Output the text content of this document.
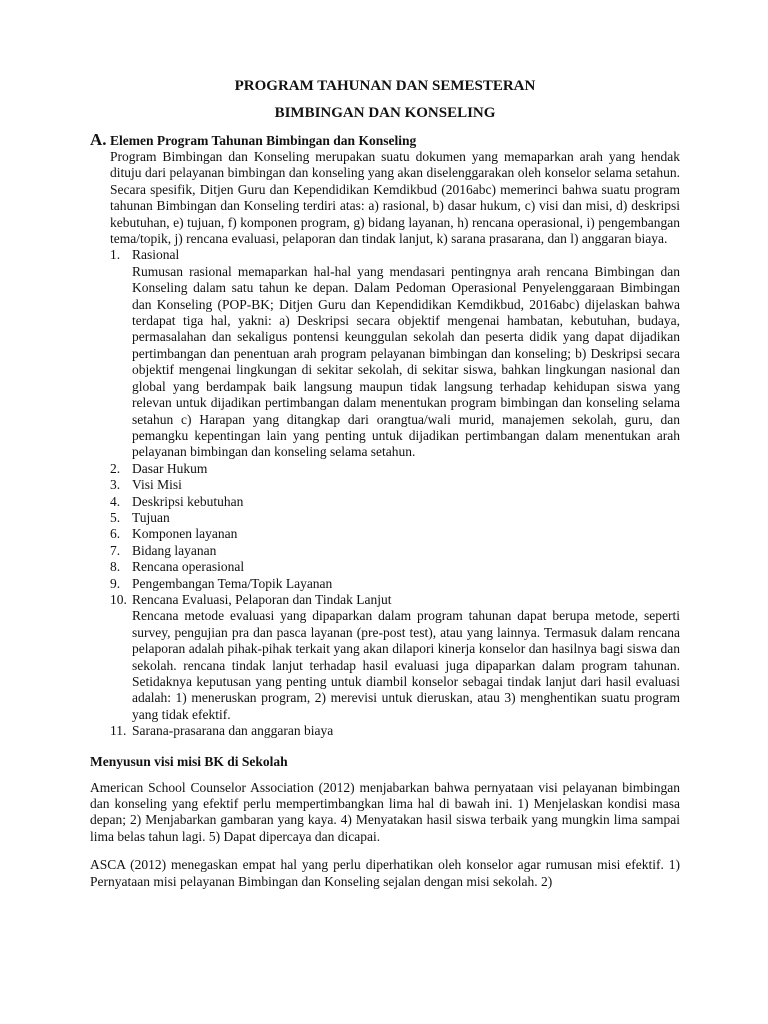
PROGRAM TAHUNAN DAN SEMESTERAN

BIMBINGAN DAN KONSELING

A. Elemen Program Tahunan Bimbingan dan Konseling
Program Bimbingan dan Konseling merupakan suatu dokumen yang memaparkan arah yang hendak dituju dari pelayanan bimbingan dan konseling yang akan diselenggarakan oleh konselor selama setahun. Secara spesifik, Ditjen Guru dan Kependidikan Kemdikbud (2016abc) memerinci bahwa suatu program tahunan Bimbingan dan Konseling terdiri atas: a) rasional, b) dasar hukum, c) visi dan misi, d) deskripsi kebutuhan, e) tujuan, f) komponen program, g) bidang layanan, h) rencana operasional, i) pengembangan tema/topik, j) rencana evaluasi, pelaporan dan tindak lanjut, k) sarana prasarana, dan l) anggaran biaya.
1. Rasional
Rumusan rasional memaparkan hal-hal yang mendasari pentingnya arah rencana Bimbingan dan Konseling dalam satu tahun ke depan. Dalam Pedoman Operasional Penyelenggaraan Bimbingan dan Konseling (POP-BK; Ditjen Guru dan Kependidikan Kemdikbud, 2016abc) dijelaskan bahwa terdapat tiga hal, yakni: a) Deskripsi secara objektif mengenai hambatan, kebutuhan, budaya, permasalahan dan sekaligus pontensi keunggulan sekolah dan peserta didik yang dapat dijadikan pertimbangan dan penentuan arah program pelayanan bimbingan dan konseling; b) Deskripsi secara objektif mengenai lingkungan di sekitar sekolah, di sekitar siswa, bahkan lingkungan nasional dan global yang berdampak baik langsung maupun tidak langsung terhadap kehidupan siswa yang relevan untuk dijadikan pertimbangan dalam menentukan program bimbingan dan konseling selama setahun c) Harapan yang ditangkap dari orangtua/wali murid, manajemen sekolah, guru, dan pemangku kepentingan lain yang penting untuk dijadikan pertimbangan dalam menentukan arah pelayanan bimbingan dan konseling selama setahun.
2. Dasar Hukum
3. Visi Misi
4. Deskripsi kebutuhan
5. Tujuan
6. Komponen layanan
7. Bidang layanan
8. Rencana operasional
9. Pengembangan Tema/Topik Layanan
10. Rencana Evaluasi, Pelaporan dan Tindak Lanjut
Rencana metode evaluasi yang dipaparkan dalam program tahunan dapat berupa metode, seperti survey, pengujian pra dan pasca layanan (pre-post test), atau yang lainnya. Termasuk dalam rencana pelaporan adalah pihak-pihak terkait yang akan dilapori kinerja konselor dan hasilnya bagi siswa dan sekolah. rencana tindak lanjut terhadap hasil evaluasi juga dipaparkan dalam program tahunan. Setidaknya keputusan yang penting untuk diambil konselor sebagai tindak lanjut dari hasil evaluasi adalah: 1) meneruskan program, 2) merevisi untuk dieruskan, atau 3) menghentikan suatu program yang tidak efektif.
11. Sarana-prasarana dan anggaran biaya
Menyusun visi misi BK di Sekolah
American School Counselor Association (2012) menjabarkan bahwa pernyataan visi pelayanan bimbingan dan konseling yang efektif perlu mempertimbangkan lima hal di bawah ini. 1) Menjelaskan kondisi masa depan; 2) Menjabarkan gambaran yang kaya. 4) Menyatakan hasil siswa terbaik yang mungkin lima sampai lima belas tahun lagi. 5) Dapat dipercaya dan dicapai.
ASCA (2012) menegaskan empat hal yang perlu diperhatikan oleh konselor agar rumusan misi efektif. 1) Pernyataan misi pelayanan Bimbingan dan Konseling sejalan dengan misi sekolah. 2)
